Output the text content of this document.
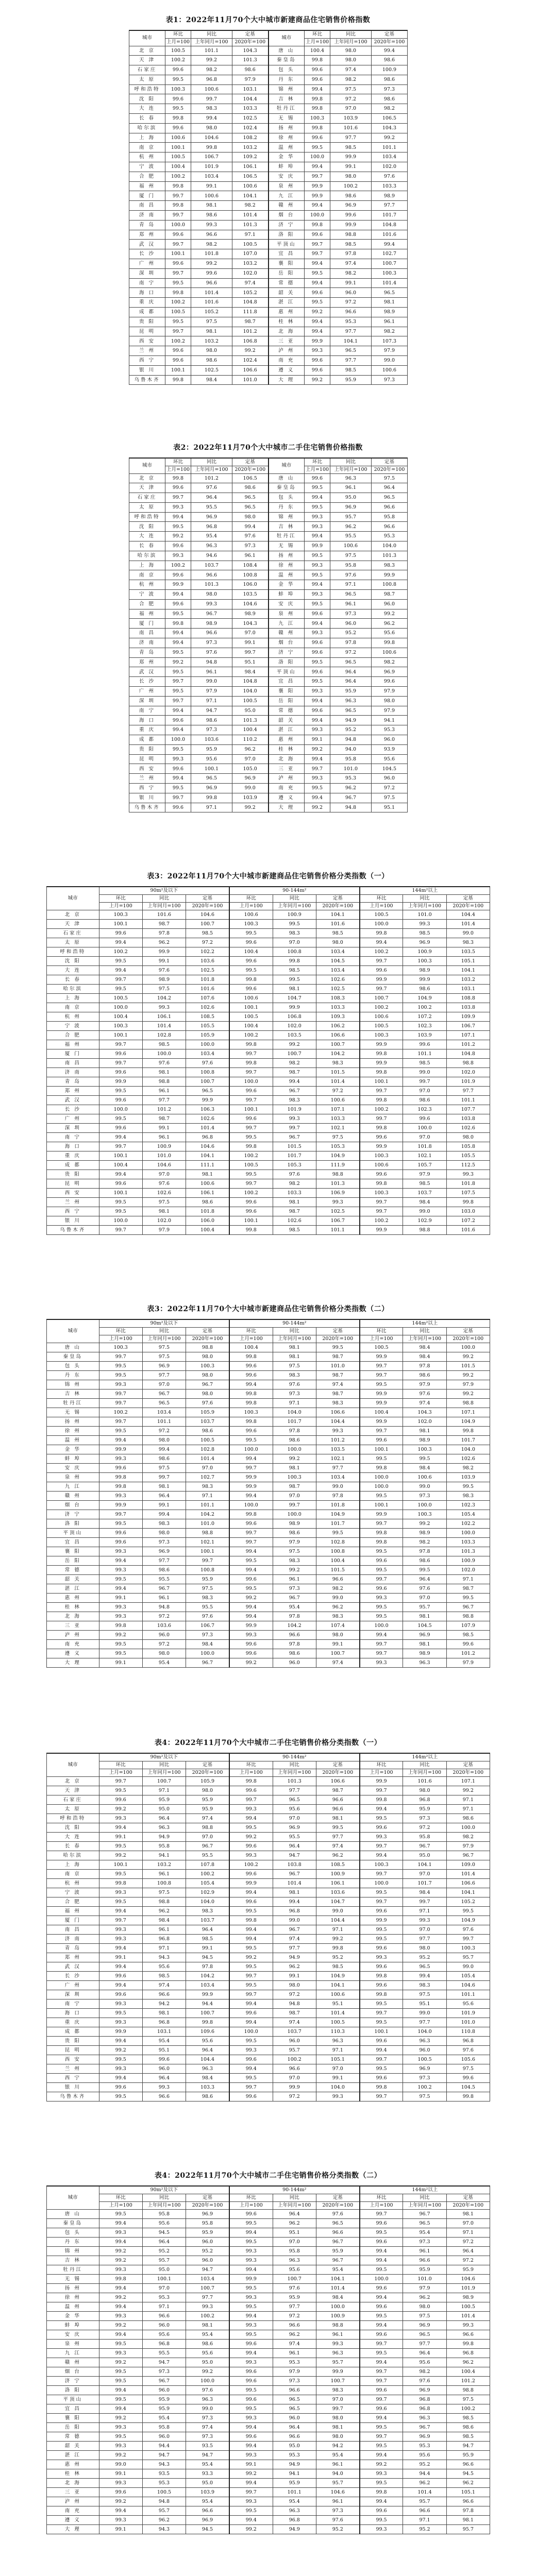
表1：2022年11月70个大中城市新建商品住宅销售价格指数
城市	环比	同比	定基	城市	环比	同比	定基
	上月=100	上年同月=100	2020年=100		上月=100	上年同月=100	2020年=100
北 京	100.5	101.1	104.3	唐 山	100.4	98.0	99.4
天 津	100.2	99.2	101.3	秦皇岛	99.8	98.0	98.6
石家庄	99.6	98.2	98.6	包 头	99.6	97.4	100.9
太 原	99.5	96.8	97.9	丹 东	99.6	98.2	98.6
呼和浩特	100.3	100.6	103.1	锦 州	99.4	97.5	97.3
沈 阳	99.6	99.7	104.4	吉 林	99.8	97.2	98.6
大 连	99.5	98.3	103.3	牡丹江	99.8	97.0	98.2
长 春	99.8	99.4	102.5	无 锡	100.3	103.9	106.5
哈尔滨	99.6	98.0	102.4	扬 州	99.8	101.6	104.3
上 海	100.6	104.6	108.2	徐 州	99.6	97.7	99.2
南 京	100.1	99.8	103.2	温 州	99.5	98.5	101.1
杭 州	100.5	106.7	109.2	金 华	100.0	99.9	103.4
宁 波	100.4	101.9	106.1	蚌 埠	99.4	99.1	102.0
合 肥	100.2	103.4	106.5	安 庆	99.7	98.0	97.6
福 州	99.8	99.1	100.6	泉 州	99.9	100.2	103.3
厦 门	99.7	100.6	104.1	九 江	99.9	98.6	98.9
南 昌	99.8	98.1	98.2	赣 州	99.4	96.9	97.7
济 南	99.7	98.6	101.4	烟 台	100.0	99.6	101.7
青 岛	100.0	99.3	101.3	济 宁	99.8	99.9	104.8
郑 州	99.6	96.6	97.1	洛 阳	99.6	98.8	101.6
武 汉	99.7	98.2	100.5	平顶山	99.7	98.5	99.4
长 沙	100.1	101.8	107.0	宜 昌	99.7	97.8	102.7
广 州	99.6	99.2	103.2	襄 阳	99.4	97.4	100.7
深 圳	99.7	99.6	102.0	岳 阳	99.5	98.2	100.3
南 宁	99.5	96.6	97.4	常 德	99.4	99.1	101.4
海 口	99.8	101.4	105.2	韶 关	99.6	96.0	96.5
重 庆	100.2	101.6	104.8	湛 江	99.5	97.2	98.1
成 都	100.5	105.2	111.8	惠 州	99.2	96.6	98.9
贵 阳	99.5	97.5	98.7	桂 林	99.4	95.3	96.1
昆 明	99.7	98.1	101.2	北 海	99.4	97.7	98.2
西 安	100.2	103.2	106.8	三 亚	99.9	104.1	107.3
兰 州	99.6	98.0	99.2	泸 州	99.3	96.5	97.9
西 宁	99.6	98.6	102.4	南 充	99.6	97.7	99.0
银 川	100.1	102.5	106.6	遵 义	99.6	98.5	100.6
乌鲁木齐	99.8	98.4	101.0	大 理	99.2	95.9	97.3
表2：2022年11月70个大中城市二手住宅销售价格指数
城市	环比	同比	定基	城市	环比	同比	定基
	上月=100	上年同月=100	2020年=100		上月=100	上年同月=100	2020年=100
北 京	99.8	101.2	106.5	唐 山	99.6	96.3	97.5
天 津	99.6	97.6	98.6	秦皇岛	99.5	96.1	96.4
石家庄	99.7	96.4	96.5	包 头	99.4	95.0	96.5
太 原	99.3	95.5	96.5	丹 东	99.5	96.9	96.6
呼和浩特	99.4	96.9	98.0	锦 州	99.3	95.7	95.8
沈 阳	99.5	96.8	99.4	吉 林	99.3	96.2	96.6
大 连	99.2	95.4	97.6	牡丹江	99.4	95.5	95.3
长 春	99.6	96.3	97.3	无 锡	99.9	100.6	104.0
哈尔滨	99.3	94.6	96.1	扬 州	99.5	97.5	101.3
上 海	100.2	103.7	108.4	徐 州	99.3	95.8	98.3
南 京	99.6	96.6	100.8	温 州	99.5	97.6	99.9
杭 州	99.9	101.3	106.0	金 华	99.4	97.1	100.8
宁 波	99.4	98.0	103.5	蚌 埠	99.3	96.5	98.7
合 肥	99.6	99.3	104.6	安 庆	99.5	96.1	96.0
福 州	99.5	96.7	98.9	泉 州	99.6	97.3	99.2
厦 门	99.8	98.9	104.3	九 江	99.4	96.0	96.2
南 昌	99.4	96.6	97.0	赣 州	99.3	95.2	95.6
济 南	99.4	97.3	99.1	烟 台	99.6	97.8	99.8
青 岛	99.5	97.6	99.7	济 宁	99.6	97.2	100.6
郑 州	99.2	94.8	95.1	洛 阳	99.5	96.5	98.2
武 汉	99.5	96.1	98.4	平顶山	99.6	96.4	96.9
长 沙	99.7	99.0	104.8	宜 昌	99.5	96.4	99.6
广 州	99.5	97.9	104.0	襄 阳	99.3	95.9	97.9
深 圳	99.7	97.1	100.5	岳 阳	99.4	96.3	98.0
南 宁	99.4	94.7	95.0	常 德	99.6	96.5	97.9
海 口	99.6	98.6	101.3	韶 关	99.4	94.9	94.1
重 庆	99.4	97.3	100.4	湛 江	99.3	95.2	95.3
成 都	100.0	103.6	110.2	惠 州	99.1	94.8	96.0
贵 阳	99.5	95.9	96.2	桂 林	99.2	94.0	93.9
昆 明	99.3	95.6	97.0	北 海	99.4	95.8	95.6
西 安	99.6	100.1	105.0	三 亚	99.7	101.0	104.5
兰 州	99.4	96.5	96.9	泸 州	99.3	95.3	96.0
西 宁	99.5	96.9	99.0	南 充	99.5	96.2	97.2
银 川	99.7	99.8	103.9	遵 义	99.4	96.7	97.5
乌鲁木齐	99.6	97.1	99.2	大 理	99.2	94.8	95.1
表3：2022年11月70个大中城市新建商品住宅销售价格分类指数（一）
城市	90m²及以下			90-144m²			144m²以上		
	环比	同比	定基	环比	同比	定基	环比	同比	定基
	上月=100	上年同月=100	2020年=100	上月=100	上年同月=100	2020年=100	上月=100	上年同月=100	2020年=100
北 京	100.3	101.6	104.6	100.6	100.9	104.1	100.5	101.0	104.4
天 津	100.1	98.7	100.7	100.3	99.5	101.6	100.0	99.3	101.4
石家庄	99.6	97.8	98.5	99.5	98.3	98.5	99.8	98.5	99.0
太 原	99.4	96.2	97.2	99.6	97.0	98.0	99.4	96.9	98.3
呼和浩特	100.2	99.9	102.2	100.4	100.8	103.4	100.2	100.9	103.5
沈 阳	99.5	99.1	103.6	99.6	99.8	104.5	99.7	100.3	105.1
大 连	99.4	97.6	102.5	99.5	98.5	103.4	99.6	98.9	104.1
长 春	99.7	98.9	101.8	99.8	99.5	102.6	99.9	99.9	103.2
哈尔滨	99.5	97.5	101.6	99.6	98.1	102.5	99.7	98.6	103.1
上 海	100.5	104.2	107.6	100.6	104.7	108.3	100.7	104.9	108.8
南 京	100.0	99.3	102.6	100.1	99.9	103.3	100.2	100.2	103.8
杭 州	100.4	106.1	108.5	100.5	106.8	109.3	100.6	107.2	109.9
宁 波	100.3	101.4	105.5	100.4	102.0	106.2	100.5	102.3	106.7
合 肥	100.1	102.8	105.9	100.2	103.5	106.6	100.3	103.9	107.1
福 州	99.7	98.5	100.0	99.8	99.2	100.7	99.9	99.6	101.2
厦 门	99.6	100.0	103.4	99.7	100.7	104.2	99.8	101.1	104.8
南 昌	99.7	97.6	97.6	99.8	98.2	98.3	99.9	98.5	98.8
济 南	99.6	98.1	100.8	99.7	98.7	101.5	99.8	99.0	102.0
青 岛	99.9	98.8	100.7	100.0	99.4	101.4	100.1	99.7	101.9
郑 州	99.5	96.1	96.5	99.6	96.7	97.2	99.7	97.0	97.7
武 汉	99.6	97.7	99.9	99.7	98.3	100.6	99.8	98.6	101.1
长 沙	100.0	101.2	106.3	100.1	101.9	107.1	100.2	102.3	107.7
广 州	99.5	98.7	102.6	99.6	99.3	103.3	99.7	99.6	103.8
深 圳	99.6	99.1	101.4	99.7	99.7	102.1	99.8	100.0	102.6
南 宁	99.4	96.1	96.8	99.5	96.7	97.5	99.6	97.0	98.0
海 口	99.7	100.9	104.6	99.8	101.5	105.3	99.9	101.8	105.8
重 庆	100.1	101.0	104.1	100.2	101.7	104.9	100.3	102.1	105.5
成 都	100.4	104.6	111.1	100.5	105.3	111.9	100.6	105.7	112.5
贵 阳	99.4	97.0	98.1	99.5	97.6	98.8	99.6	97.9	99.3
昆 明	99.6	97.6	100.6	99.7	98.2	101.3	99.8	98.5	101.8
西 安	100.1	102.6	106.1	100.2	103.3	106.9	100.3	103.7	107.5
兰 州	99.5	97.5	98.6	99.6	98.1	99.3	99.7	98.4	99.8
西 宁	99.5	98.1	101.8	99.6	98.7	102.5	99.7	99.0	103.0
银 川	100.0	102.0	106.0	100.1	102.6	106.7	100.2	102.9	107.2
乌鲁木齐	99.7	97.9	100.4	99.8	98.5	101.1	99.9	98.8	101.6
表3：2022年11月70个大中城市新建商品住宅销售价格分类指数（二）
城市	90m²及以下			90-144m²			144m²以上		
	环比	同比	定基	环比	同比	定基	环比	同比	定基
	上月=100	上年同月=100	2020年=100	上月=100	上年同月=100	2020年=100	上月=100	上年同月=100	2020年=100
唐 山	100.3	97.5	98.8	100.4	98.1	99.5	100.5	98.4	100.0
秦皇岛	99.7	97.5	98.0	99.8	98.1	98.7	99.9	98.4	99.2
包 头	99.5	96.9	100.3	99.6	97.5	101.0	99.7	97.8	101.5
丹 东	99.5	97.7	98.0	99.6	98.3	98.7	99.7	98.6	99.2
锦 州	99.3	97.0	96.7	99.4	97.6	97.4	99.5	97.9	97.9
吉 林	99.7	96.7	98.0	99.8	97.3	98.7	99.9	97.6	99.2
牡丹江	99.7	96.5	97.6	99.8	97.1	98.3	99.9	97.4	98.8
无 锡	100.2	103.4	105.9	100.3	104.0	106.6	100.4	104.3	107.1
扬 州	99.7	101.1	103.7	99.8	101.7	104.4	99.9	102.0	104.9
徐 州	99.5	97.2	98.6	99.6	97.8	99.3	99.7	98.1	99.8
温 州	99.4	98.0	100.5	99.5	98.6	101.2	99.6	98.9	101.7
金 华	99.9	99.4	102.8	100.0	100.0	103.5	100.1	100.3	104.0
蚌 埠	99.3	98.6	101.4	99.4	99.2	102.1	99.5	99.5	102.6
安 庆	99.6	97.5	97.0	99.7	98.1	97.7	99.8	98.4	98.2
泉 州	99.8	99.7	102.7	99.9	100.3	103.4	100.0	100.6	103.9
九 江	99.8	98.1	98.3	99.9	98.7	99.0	100.0	99.0	99.5
赣 州	99.3	96.4	97.1	99.4	97.0	97.8	99.5	97.3	98.3
烟 台	99.9	99.1	101.1	100.0	99.7	101.8	100.1	100.0	102.3
济 宁	99.7	99.4	104.2	99.8	100.0	104.9	99.9	100.3	105.4
洛 阳	99.5	98.3	101.0	99.6	98.9	101.7	99.7	99.2	102.2
平顶山	99.6	98.0	98.8	99.7	98.6	99.5	99.8	98.9	100.0
宜 昌	99.6	97.3	102.1	99.7	97.9	102.8	99.8	98.2	103.3
襄 阳	99.3	96.9	100.1	99.4	97.5	100.8	99.5	97.8	101.3
岳 阳	99.4	97.7	99.7	99.5	98.3	100.4	99.6	98.6	100.9
常 德	99.3	98.6	100.8	99.4	99.2	101.5	99.5	99.5	102.0
韶 关	99.5	95.5	95.9	99.6	96.1	96.6	99.7	96.4	97.1
湛 江	99.4	96.7	97.5	99.5	97.3	98.2	99.6	97.6	98.7
惠 州	99.1	96.1	98.3	99.2	96.7	99.0	99.3	97.0	99.5
桂 林	99.3	94.8	95.5	99.4	95.4	96.2	99.5	95.7	96.7
北 海	99.3	97.2	97.6	99.4	97.8	98.3	99.5	98.1	98.8
三 亚	99.8	103.6	106.7	99.9	104.2	107.4	100.0	104.5	107.9
泸 州	99.2	96.0	97.3	99.3	96.6	98.0	99.4	96.9	98.5
南 充	99.5	97.2	98.4	99.6	97.8	99.1	99.7	98.1	99.6
遵 义	99.5	98.0	100.0	99.6	98.6	100.7	99.7	98.9	101.2
大 理	99.1	95.4	96.7	99.2	96.0	97.4	99.3	96.3	97.9
表4：2022年11月70个大中城市二手住宅销售价格分类指数（一）
城市	90m²及以下			90-144m²			144m²以上		
	环比	同比	定基	环比	同比	定基	环比	同比	定基
	上月=100	上年同月=100	2020年=100	上月=100	上年同月=100	2020年=100	上月=100	上年同月=100	2020年=100
北 京	99.7	100.7	105.9	99.8	101.3	106.6	99.9	101.6	107.1
天 津	99.5	97.1	98.0	99.6	97.7	98.7	99.7	98.0	99.2
石家庄	99.6	95.9	95.9	99.7	96.5	96.6	99.8	96.8	97.1
太 原	99.2	95.0	95.9	99.3	95.6	96.6	99.4	95.9	97.1
呼和浩特	99.3	96.4	97.4	99.4	97.0	98.1	99.5	97.3	98.6
沈 阳	99.4	96.3	98.8	99.5	96.9	99.5	99.6	97.2	100.0
大 连	99.1	94.9	97.0	99.2	95.5	97.7	99.3	95.8	98.2
长 春	99.5	95.8	96.7	99.6	96.4	97.4	99.7	96.7	97.9
哈尔滨	99.2	94.1	95.5	99.3	94.7	96.2	99.4	95.0	96.7
上 海	100.1	103.2	107.8	100.2	103.8	108.5	100.3	104.1	109.0
南 京	99.5	96.1	100.2	99.6	96.7	100.9	99.7	97.0	101.4
杭 州	99.8	100.8	105.4	99.9	101.4	106.1	100.0	101.7	106.6
宁 波	99.3	97.5	102.9	99.4	98.1	103.6	99.5	98.4	104.1
合 肥	99.5	98.8	104.0	99.6	99.4	104.7	99.7	99.7	105.2
福 州	99.4	96.2	98.3	99.5	96.8	99.0	99.6	97.1	99.5
厦 门	99.7	98.4	103.7	99.8	99.0	104.4	99.9	99.3	104.9
南 昌	99.3	96.1	96.4	99.4	96.7	97.1	99.5	97.0	97.6
济 南	99.3	96.8	98.5	99.4	97.4	99.2	99.5	97.7	99.7
青 岛	99.4	97.1	99.1	99.5	97.7	99.8	99.6	98.0	100.3
郑 州	99.1	94.3	94.5	99.2	94.9	95.2	99.3	95.2	95.7
武 汉	99.4	95.6	97.8	99.5	96.2	98.5	99.6	96.5	99.0
长 沙	99.6	98.5	104.2	99.7	99.1	104.9	99.8	99.4	105.4
广 州	99.4	97.4	103.4	99.5	98.0	104.1	99.6	98.3	104.6
深 圳	99.6	96.6	99.9	99.7	97.2	100.6	99.8	97.5	101.1
南 宁	99.3	94.2	94.4	99.4	94.8	95.1	99.5	95.1	95.6
海 口	99.5	98.1	100.7	99.6	98.7	101.4	99.7	99.0	101.9
重 庆	99.3	96.8	99.8	99.4	97.4	100.5	99.5	97.7	101.0
成 都	99.9	103.1	109.6	100.0	103.7	110.3	100.1	104.0	110.8
贵 阳	99.4	95.4	95.6	99.5	96.0	96.3	99.6	96.3	96.8
昆 明	99.2	95.1	96.4	99.3	95.7	97.1	99.4	96.0	97.6
西 安	99.5	99.6	104.4	99.6	100.2	105.1	99.7	100.5	105.6
兰 州	99.3	96.0	96.3	99.4	96.6	97.0	99.5	96.9	97.5
西 宁	99.4	96.4	98.4	99.5	97.0	99.1	99.6	97.3	99.6
银 川	99.6	99.3	103.3	99.7	99.9	104.0	99.8	100.2	104.5
乌鲁木齐	99.5	96.6	98.6	99.6	97.2	99.3	99.7	97.5	99.8
表4：2022年11月70个大中城市二手住宅销售价格分类指数（二）
城市	90m²及以下			90-144m²			144m²以上		
	环比	同比	定基	环比	同比	定基	环比	同比	定基
	上月=100	上年同月=100	2020年=100	上月=100	上年同月=100	2020年=100	上月=100	上年同月=100	2020年=100
唐 山	99.5	95.8	96.9	99.6	96.4	97.6	99.7	96.7	98.1
秦皇岛	99.4	95.6	95.8	99.5	96.2	96.5	99.6	96.5	97.0
包 头	99.3	94.5	95.9	99.4	95.1	96.6	99.5	95.4	97.1
丹 东	99.4	96.4	96.0	99.5	97.0	96.7	99.6	97.3	97.2
锦 州	99.2	95.2	95.2	99.3	95.8	95.9	99.4	96.1	96.4
吉 林	99.2	95.7	96.0	99.3	96.3	96.7	99.4	96.6	97.2
牡丹江	99.3	95.0	94.7	99.4	95.6	95.4	99.5	95.9	95.9
无 锡	99.8	100.1	103.4	99.9	100.7	104.1	100.0	101.0	104.6
扬 州	99.4	97.0	100.7	99.5	97.6	101.4	99.6	97.9	101.9
徐 州	99.2	95.3	97.7	99.3	95.9	98.4	99.4	96.2	98.9
温 州	99.4	97.1	99.3	99.5	97.7	100.0	99.6	98.0	100.5
金 华	99.3	96.6	100.2	99.4	97.2	100.9	99.5	97.5	101.4
蚌 埠	99.2	96.0	98.1	99.3	96.6	98.8	99.4	96.9	99.3
安 庆	99.4	95.6	95.4	99.5	96.2	96.1	99.6	96.5	96.6
泉 州	99.5	96.8	98.6	99.6	97.4	99.3	99.7	97.7	99.8
九 江	99.3	95.5	95.6	99.4	96.1	96.3	99.5	96.4	96.8
赣 州	99.2	94.7	95.0	99.3	95.3	95.7	99.4	95.6	96.2
烟 台	99.5	97.3	99.2	99.6	97.9	99.9	99.7	98.2	100.4
济 宁	99.5	96.7	100.0	99.6	97.3	100.7	99.7	97.6	101.2
洛 阳	99.4	96.0	97.6	99.5	96.6	98.3	99.6	96.9	98.8
平顶山	99.5	95.9	96.3	99.6	96.5	97.0	99.7	96.8	97.5
宜 昌	99.4	95.9	99.0	99.5	96.5	99.7	99.6	96.8	100.2
襄 阳	99.2	95.4	97.3	99.3	96.0	98.0	99.4	96.3	98.5
岳 阳	99.3	95.8	97.4	99.4	96.4	98.1	99.5	96.7	98.6
常 德	99.5	96.0	97.3	99.6	96.6	98.0	99.7	96.9	98.5
韶 关	99.3	94.4	93.5	99.4	95.0	94.2	99.5	95.3	94.7
湛 江	99.2	94.7	94.7	99.3	95.3	95.4	99.4	95.6	95.9
惠 州	99.0	94.3	95.4	99.1	94.9	96.1	99.2	95.2	96.6
桂 林	99.1	93.5	93.3	99.2	94.1	94.0	99.3	94.4	94.5
北 海	99.3	95.3	95.0	99.4	95.9	95.7	99.5	96.2	96.2
三 亚	99.6	100.5	103.9	99.7	101.1	104.6	99.8	101.4	105.1
泸 州	99.2	94.8	95.4	99.3	95.4	96.1	99.4	95.7	96.6
南 充	99.4	95.7	96.6	99.5	96.3	97.3	99.6	96.6	97.8
遵 义	99.3	96.2	96.9	99.4	96.8	97.6	99.5	97.1	98.1
大 理	99.1	94.3	94.5	99.2	94.9	95.2	99.3	95.2	95.7
